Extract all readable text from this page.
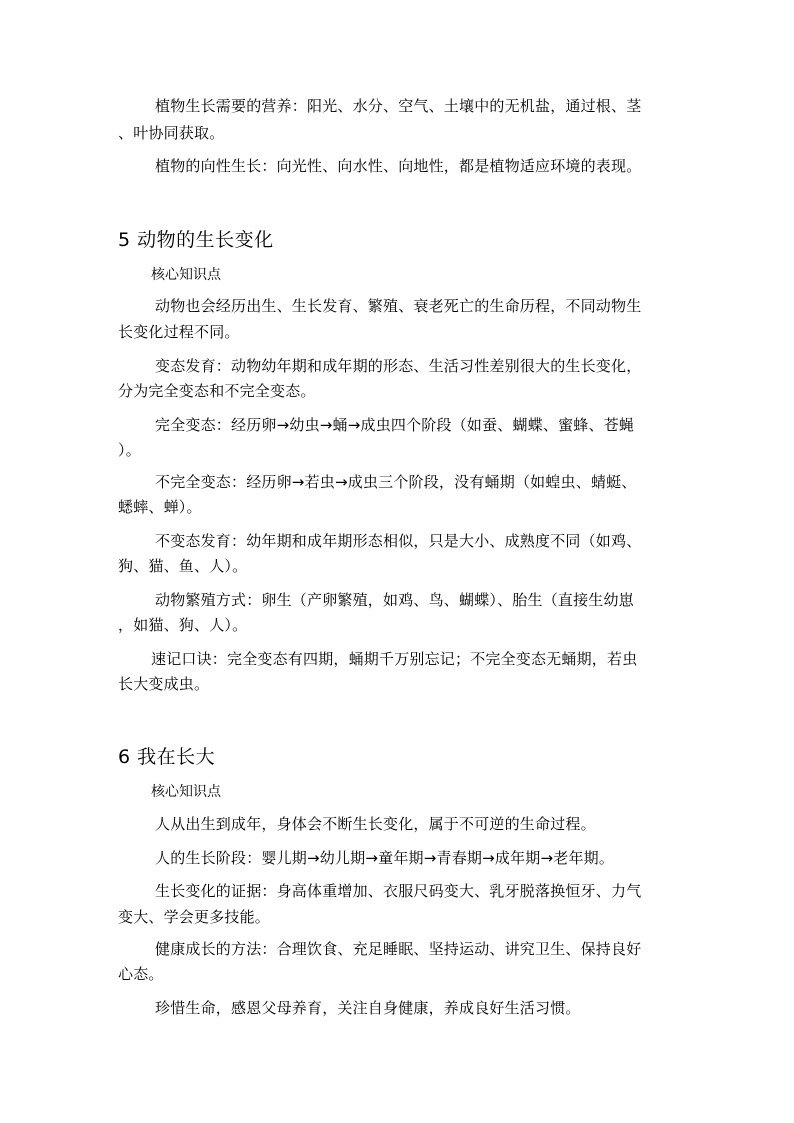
植物生长需要的营养：阳光、水分、空气、土壤中的无机盐，通过根、茎
、叶协同获取。
植物的向性生长：向光性、向水性、向地性，都是植物适应环境的表现。
5 动物的生长变化
核心知识点
动物也会经历出生、生长发育、繁殖、衰老死亡的生命历程，不同动物生
长变化过程不同。
变态发育：动物幼年期和成年期的形态、生活习性差别很大的生长变化，
分为完全变态和不完全变态。
完全变态：经历卵→幼虫→蛹→成虫四个阶段（如蚕、蝴蝶、蜜蜂、苍蝇
）。
不完全变态：经历卵→若虫→成虫三个阶段，没有蛹期（如蝗虫、蜻蜓、
蟋蟀、蝉）。
不变态发育：幼年期和成年期形态相似，只是大小、成熟度不同（如鸡、
狗、猫、鱼、人）。
动物繁殖方式：卵生（产卵繁殖，如鸡、鸟、蝴蝶）、胎生（直接生幼崽
，如猫、狗、人）。
速记口诀：完全变态有四期，蛹期千万别忘记；不完全变态无蛹期，若虫
长大变成虫。
6 我在长大
核心知识点
人从出生到成年，身体会不断生长变化，属于不可逆的生命过程。
人的生长阶段：婴儿期→幼儿期→童年期→青春期→成年期→老年期。
生长变化的证据：身高体重增加、衣服尺码变大、乳牙脱落换恒牙、力气
变大、学会更多技能。
健康成长的方法：合理饮食、充足睡眠、坚持运动、讲究卫生、保持良好
心态。
珍惜生命，感恩父母养育，关注自身健康，养成良好生活习惯。
